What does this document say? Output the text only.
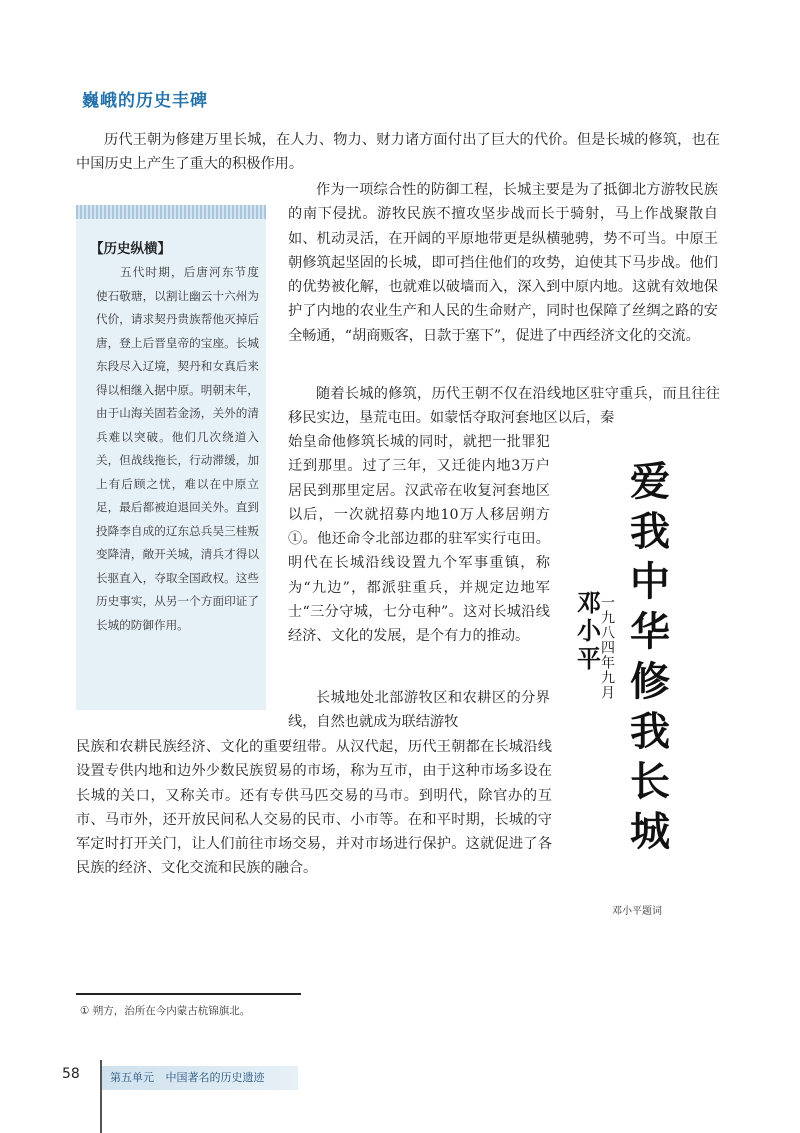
巍峨的历史丰碑

历代王朝为修建万里长城，在人力、物力、财力诸方面付出了巨大的代价。但是长城的修筑，也在中国历史上产生了重大的积极作用。

【历史纵横】

五代时期，后唐河东节度使石敬瑭，以割让幽云十六州为代价，请求契丹贵族帮他灭掉后唐，登上后晋皇帝的宝座。长城东段尽入辽境，契丹和女真后来得以相继入据中原。明朝末年，由于山海关固若金汤，关外的清兵难以突破。他们几次绕道入关，但战线拖长，行动滞缓，加上有后顾之忧，难以在中原立足，最后都被迫退回关外。直到投降李自成的辽东总兵吴三桂叛变降清，敞开关城，清兵才得以长驱直入，夺取全国政权。这些历史事实，从另一个方面印证了长城的防御作用。

作为一项综合性的防御工程，长城主要是为了抵御北方游牧民族的南下侵扰。游牧民族不擅攻坚步战而长于骑射，马上作战聚散自如、机动灵活，在开阔的平原地带更是纵横驰骋，势不可当。中原王朝修筑起坚固的长城，即可挡住他们的攻势，迫使其下马步战。他们的优势被化解，也就难以破墙而入，深入到中原内地。这就有效地保护了内地的农业生产和人民的生命财产，同时也保障了丝绸之路的安全畅通，“胡商贩客，日款于塞下”，促进了中西经济文化的交流。

随着长城的修筑，历代王朝不仅在沿线地区驻守重兵，而且往往移民实边，垦荒屯田。如蒙恬夺取河套地区以后，秦

始皇命他修筑长城的同时，就把一批罪犯迁到那里。过了三年，又迁徙内地3万户居民到那里定居。汉武帝在收复河套地区以后，一次就招募内地10万人移居朔方①。他还命令北部边郡的驻军实行屯田。明代在长城沿线设置九个军事重镇，称为“九边”，都派驻重兵，并规定边地军士“三分守城，七分屯种”。这对长城沿线经济、文化的发展，是个有力的推动。

长城地处北部游牧区和农耕区的分界线，自然也就成为联结游牧

民族和农耕民族经济、文化的重要纽带。从汉代起，历代王朝都在长城沿线设置专供内地和边外少数民族贸易的市场，称为互市，由于这种市场多设在长城的关口，又称关市。还有专供马匹交易的马市。到明代，除官办的互市、马市外，还开放民间私人交易的民市、小市等。在和平时期，长城的守军定时打开关门，让人们前往市场交易，并对市场进行保护。这就促进了各民族的经济、文化交流和民族的融合。

爱我中华修我长城
邓小平
一九八四年九月
邓小平题词
① 朔方，治所在今内蒙古杭锦旗北。
58	第五单元 中国著名的历史遗迹
